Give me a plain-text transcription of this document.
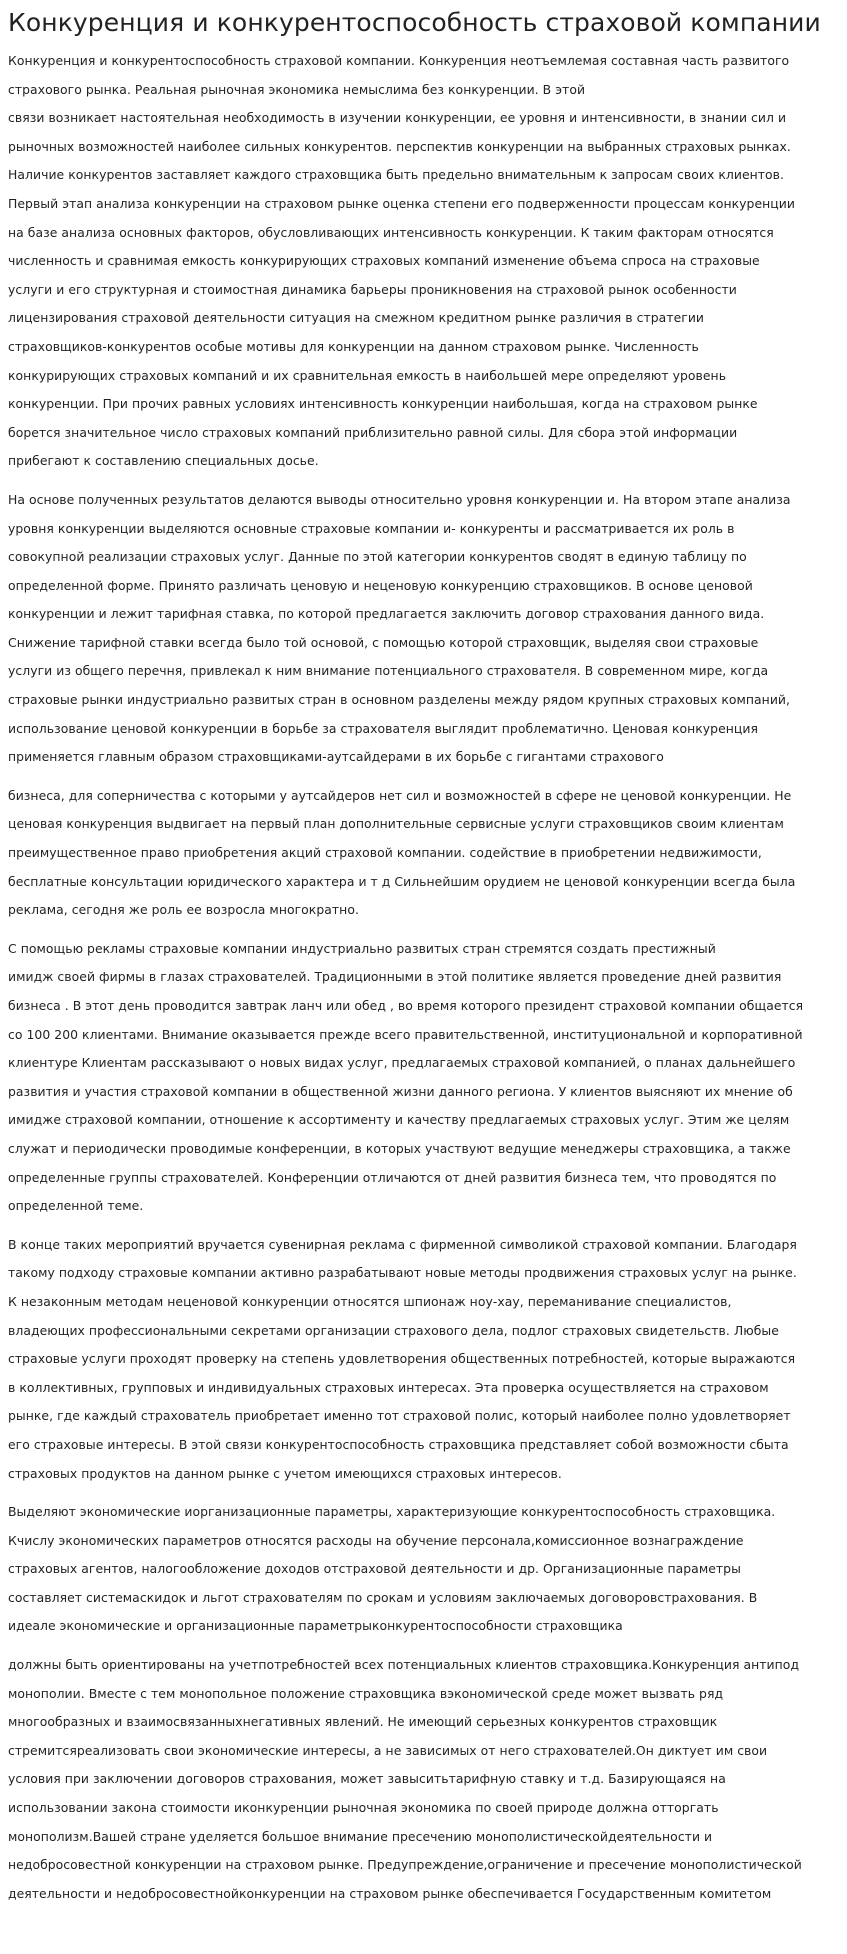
Конкуренция и конкурентоспособность страховой компании

Конкуренция и конкурентоспособность страховой компании. Конкуренция неотъемлемая составная часть развитого
страхового рынка. Реальная рыночная экономика немыслима без конкуренции. В этой
связи возникает настоятельная необходимость в изучении конкуренции, ее уровня и интенсивности, в знании сил и
рыночных возможностей наиболее сильных конкурентов. перспектив конкуренции на выбранных страховых рынках.
Наличие конкурентов заставляет каждого страховщика быть предельно внимательным к запросам своих клиентов.
Первый этап анализа конкуренции на страховом рынке оценка степени его подверженности процессам конкуренции
на базе анализа основных факторов, обусловливающих интенсивность конкуренции. К таким факторам относятся
численность и сравнимая емкость конкурирующих страховых компаний изменение объема спроса на страховые
услуги и его структурная и стоимостная динамика барьеры проникновения на страховой рынок особенности
лицензирования страховой деятельности ситуация на смежном кредитном рынке различия в стратегии
страховщиков-конкурентов особые мотивы для конкуренции на данном страховом рынке. Численность
конкурирующих страховых компаний и их сравнительная емкость в наибольшей мере определяют уровень
конкуренции. При прочих равных условиях интенсивность конкуренции наибольшая, когда на страховом рынке
борется значительное число страховых компаний приблизительно равной силы. Для сбора этой информации
прибегают к составлению специальных досье.

На основе полученных результатов делаются выводы относительно уровня конкуренции и. На втором этапе анализа
уровня конкуренции выделяются основные страховые компании и- конкуренты и рассматривается их роль в
совокупной реализации страховых услуг. Данные по этой категории конкурентов сводят в единую таблицу по
определенной форме. Принято различать ценовую и неценовую конкуренцию страховщиков. В основе ценовой
конкуренции и лежит тарифная ставка, по которой предлагается заключить договор страхования данного вида.
Снижение тарифной ставки всегда было той основой, с помощью которой страховщик, выделяя свои страховые
услуги из общего перечня, привлекал к ним внимание потенциального страхователя. В современном мире, когда
страховые рынки индустриально развитых стран в основном разделены между рядом крупных страховых компаний,
использование ценовой конкуренции в борьбе за страхователя выглядит проблематично. Ценовая конкуренция
применяется главным образом страховщиками-аутсайдерами в их борьбе с гигантами страхового

бизнеса, для соперничества с которыми у аутсайдеров нет сил и возможностей в сфере не ценовой конкуренции. Не
ценовая конкуренция выдвигает на первый план дополнительные сервисные услуги страховщиков своим клиентам
преимущественное право приобретения акций страховой компании. содействие в приобретении недвижимости,
бесплатные консультации юридического характера и т д Сильнейшим орудием не ценовой конкуренции всегда была
реклама, сегодня же роль ее возросла многократно.

С помощью рекламы страховые компании индустриально развитых стран стремятся создать престижный
имидж своей фирмы в глазах страхователей. Традиционными в этой политике является проведение дней развития
бизнеса . В этот день проводится завтрак ланч или обед , во время которого президент страховой компании общается
со 100 200 клиентами. Внимание оказывается прежде всего правительственной, институциональной и корпоративной
клиентуре Клиентам рассказывают о новых видах услуг, предлагаемых страховой компанией, о планах дальнейшего
развития и участия страховой компании в общественной жизни данного региона. У клиентов выясняют их мнение об
имидже страховой компании, отношение к ассортименту и качеству предлагаемых страховых услуг. Этим же целям
служат и периодически проводимые конференции, в которых участвуют ведущие менеджеры страховщика, а также
определенные группы страхователей. Конференции отличаются от дней развития бизнеса тем, что проводятся по
определенной теме.

В конце таких мероприятий вручается сувенирная реклама с фирменной символикой страховой компании. Благодаря
такому подходу страховые компании активно разрабатывают новые методы продвижения страховых услуг на рынке.
К незаконным методам неценовой конкуренции относятся шпионаж ноу-хау, переманивание специалистов,
владеющих профессиональными секретами организации страхового дела, подлог страховых свидетельств. Любые
страховые услуги проходят проверку на степень удовлетворения общественных потребностей, которые выражаются
в коллективных, групповых и индивидуальных страховых интересах. Эта проверка осуществляется на страховом
рынке, где каждый страхователь приобретает именно тот страховой полис, который наиболее полно удовлетворяет
его страховые интересы. В этой связи конкурентоспособность страховщика представляет собой возможности сбыта
страховых продуктов на данном рынке с учетом имеющихся страховых интересов.

Выделяют экономические иорганизационные параметры, характеризующие конкурентоспособность страховщика.
Кчислу экономических параметров относятся расходы на обучение персонала,комиссионное вознаграждение
страховых агентов, налогообложение доходов отстраховой деятельности и др. Организационные параметры
составляет системаскидок и льгот страхователям по срокам и условиям заключаемых договоровстрахования. В
идеале экономические и организационные параметрыконкурентоспособности страховщика

должны быть ориентированы на учетпотребностей всех потенциальных клиентов страховщика.Конкуренция антипод
монополии. Вместе с тем монопольное положение страховщика вэкономической среде может вызвать ряд
многообразных и взаимосвязанныхнегативных явлений. Не имеющий серьезных конкурентов страховщик
стремитсяреализовать свои экономические интересы, а не зависимых от него страхователей.Он диктует им свои
условия при заключении договоров страхования, может завыситьтарифную ставку и т.д. Базирующаяся на
использовании закона стоимости иконкуренции рыночная экономика по своей природе должна отторгать
монополизм.Вашей стране уделяется большое внимание пресечению монополистическойдеятельности и
недобросовестной конкуренции на страховом рынке. Предупреждение,ограничение и пресечение монополистической
деятельности и недобросовестнойконкуренции на страховом рынке обеспечивается Государственным комитетом
